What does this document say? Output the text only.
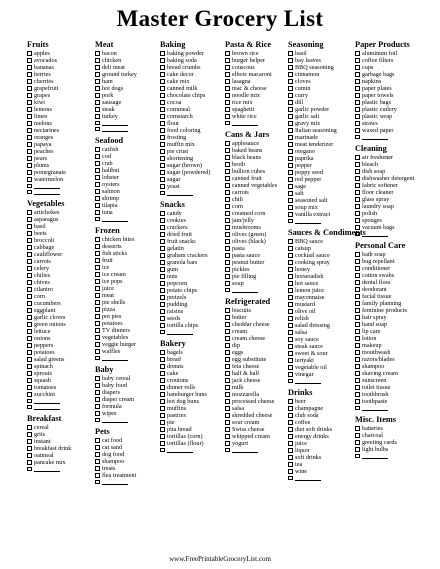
Master Grocery List
Fruits
apples
avocados
bananas
berries
cherries
grapefruit
grapes
kiwi
lemons
limes
melons
nectarines
oranges
papaya
peaches
pears
plums
pomegranate
watermelon
Vegetables
artichokes
asparagus
basil
beets
broccoli
cabbage
cauliflower
carrots
celery
chilies
chives
cilantro
corn
cucumbers
eggplant
garlic cloves
green onions
lettuce
onions
peppers
potatoes
salad greens
spinach
sprouts
squash
tomatoes
zucchini
Breakfast
cereal
grits
instant
breakfast drink
oatmeal
pancake mix
Meat
bacon
chicken
deli meat
ground turkey
ham
hot dogs
pork
sausage
steak
turkey
Seafood
catfish
cod
crab
halibut
lobster
oysters
salmon
shrimp
tilapia
tuna
Frozen
chicken bites
desserts
fish sticks
fruit
ice
ice cream
ice pops
juice
meat
pie shells
pizza
pot pies
potatoes
TV dinners
vegetables
veggie burger
waffles
Baby
baby cereal
baby food
diapers
diaper cream
formula
wipes
Pets
cat food
cat sand
dog food
shampoo
treats
flea treatment
Baking
baking powder
baking soda
bread crumbs
cake decor
cake mix
canned milk
chocolate chips
cocoa
cornmeal
cornstarch
flour
food coloring
frosting
muffin mix
pie crust
shortening
sugar (brown)
sugar (powdered)
sugar
yeast
Snacks
candy
cookies
crackers
dried fruit
fruit snacks
gelatin
graham crackers
granola bars
gum
nuts
popcorn
potato chips
pretzels
pudding
raisins
seeds
tortilla chips
Bakery
bagels
bread
donuts
cake
croutons
dinner rolls
hamburger buns
hot dog buns
muffins
pastries
pie
pita bread
tortillas (corn)
tortillas (flour)
Pasta & Rice
brown rice
burger helper
couscous
elbow macaroni
lasagna
mac & cheese
noodle mix
rice mix
spaghetti
white rice
Cans & Jars
applesauce
baked beans
black beans
broth
bullion cubes
canned fruit
canned vegetables
carrots
chili
corn
creamed corn
jam/jelly
mushrooms
olives (green)
olives (black)
pasta
pasta sauce
peanut butter
pickles
pie filling
soup
Refrigerated
biscuits
butter
cheddar cheese
cream
cream cheese
dip
eggs
egg substitute
feta cheese
half & half
jack cheese
milk
mozzarella
processed cheese
salsa
shredded cheese
sour cream
Swiss cheese
whipped cream
yogurt
Seasoning
basil
bay leaves
BBQ seasoning
cinnamon
cloves
cumin
curry
dill
garlic powder
garlic salt
gravy mix
Italian seasoning
marinade
meat tenderizer
oregano
paprika
pepper
poppy seed
red pepper
sage
salt
seasoned salt
soup mix
vanilla extract
Sauces & Condiments
BBQ sauce
catsup
cocktail sauce
cooking spray
honey
horseradish
hot sauce
lemon juice
mayonnaise
mustard
olive oil
relish
salad dressing
salsa
soy sauce
steak sauce
sweet & sour
teriyaki
vegetable oil
vinegar
Drinks
beer
champagne
club soda
coffee
diet soft drinks
energy drinks
juice
liquor
soft drinks
tea
wine
Paper Products
aluminum foil
coffee filters
cups
garbage bags
napkins
paper plates
paper towels
plastic bags
plastic cutlery
plastic wrap
straws
waxed paper
Cleaning
air freshener
bleach
dish soap
dishwasher detergent
fabric softener
floor cleaner
glass spray
laundry soap
polish
sponges
vacuum bags
Personal Care
bath soap
bug repellant
conditioner
cotton swabs
dental floss
deodorant
facial tissue
family planning
feminine products
hair spray
hand soap
lip care
lotion
makeup
mouthwash
razors/blades
shampoo
shaving cream
sunscreen
toilet tissue
toothbrush
toothpaste
Misc. Items
batteries
charcoal
greeting cards
light bulbs
www.FreePrintableGroceryList.com
